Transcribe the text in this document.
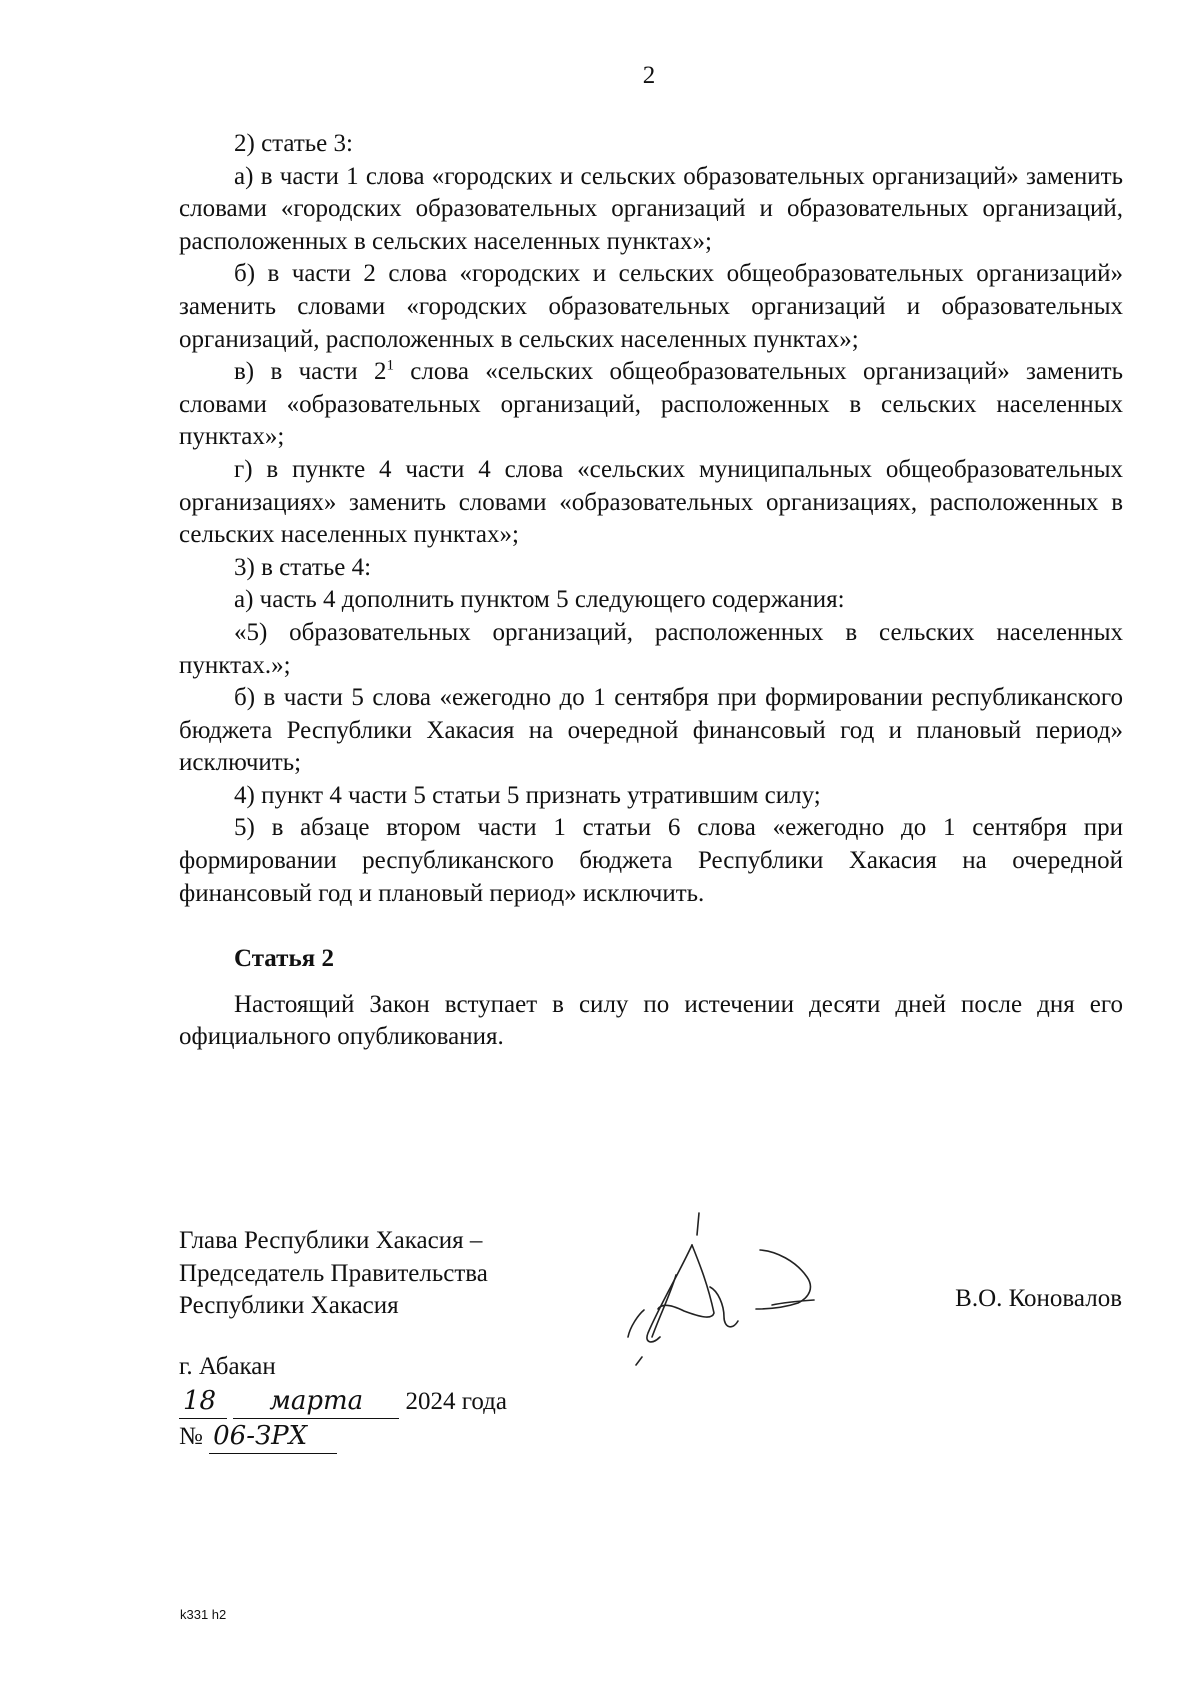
2

2) статье 3:

а) в части 1 слова «городских и сельских образовательных организаций» заменить словами «городских образовательных организаций и образовательных организаций, расположенных в сельских населенных пунктах»;

б) в части 2 слова «городских и сельских общеобразовательных организаций» заменить словами «городских образовательных организаций и образовательных организаций, расположенных в сельских населенных пунктах»;

в) в части $2^1$ слова «сельских общеобразовательных организаций» заменить словами «образовательных организаций, расположенных в сельских населенных пунктах»;

г) в пункте 4 части 4 слова «сельских муниципальных общеобразовательных организациях» заменить словами «образовательных организациях, расположенных в сельских населенных пунктах»;

3) в статье 4:

а) часть 4 дополнить пунктом 5 следующего содержания:

«5) образовательных организаций, расположенных в сельских населенных пунктах.»;

б) в части 5 слова «ежегодно до 1 сентября при формировании республиканского бюджета Республики Хакасия на очередной финансовый год и плановый период» исключить;

4) пункт 4 части 5 статьи 5 признать утратившим силу;

5) в абзаце втором части 1 статьи 6 слова «ежегодно до 1 сентября при формировании республиканского бюджета Республики Хакасия на очередной финансовый год и плановый период» исключить.

Статья 2

Настоящий Закон вступает в силу по истечении десяти дней после дня его официального опубликования.

Глава Республики Хакасия –
Председатель Правительства
Республики Хакасия	В.О. Коновалов
г. Абакан
18 марта 2024 года
№ 06-ЗРХ
k331 h2
